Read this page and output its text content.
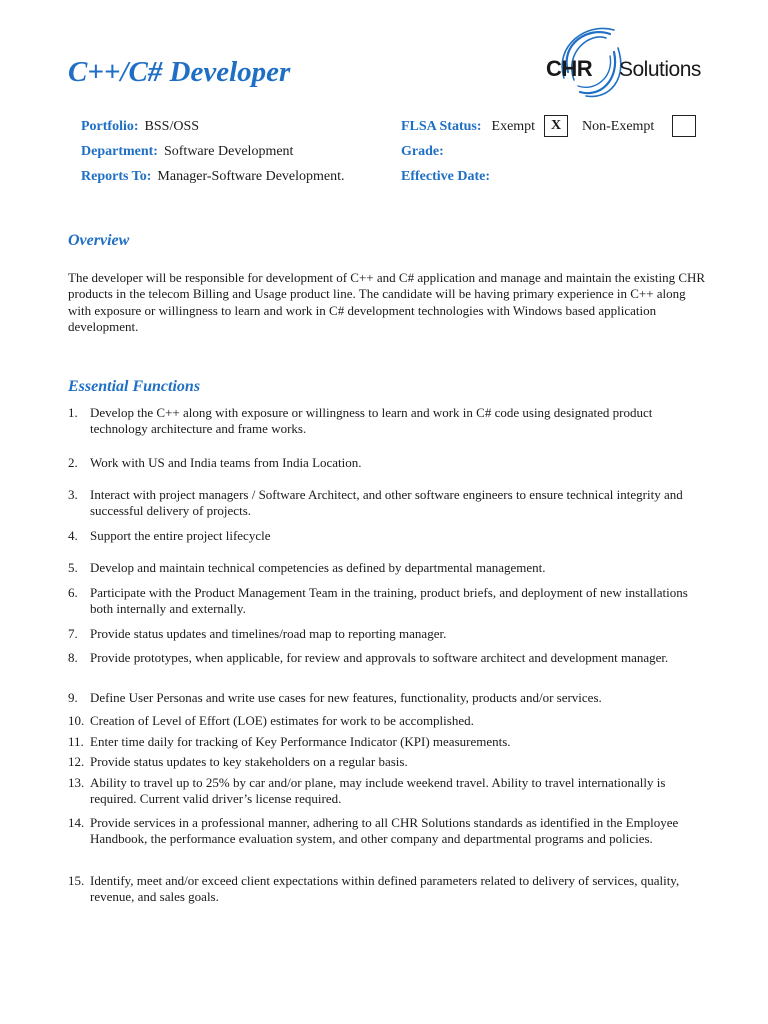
C++/C# Developer	CHR Solutions
Portfolio: BSS/OSS
Department: Software Development
Reports To: Manager-Software Development.
FLSA Status: Exempt	X	Non-Exempt
Grade:
Effective Date:
Overview

The developer will be responsible for development of C++ and C# application and manage and maintain the existing CHR products in the telecom Billing and Usage product line. The candidate will be having primary experience in C++ along with exposure or willingness to learn and work in C# development technologies with Windows based application development.

Essential Functions
1. Develop the C++ along with exposure or willingness to learn and work in C# code using designated product technology architecture and frame works.
2. Work with US and India teams from India Location.
3. Interact with project managers / Software Architect, and other software engineers to ensure technical integrity and successful delivery of projects.
4. Support the entire project lifecycle
5. Develop and maintain technical competencies as defined by departmental management.
6. Participate with the Product Management Team in the training, product briefs, and deployment of new installations both internally and externally.
7. Provide status updates and timelines/road map to reporting manager.
8. Provide prototypes, when applicable, for review and approvals to software architect and development manager.
9. Define User Personas and write use cases for new features, functionality, products and/or services.
10. Creation of Level of Effort (LOE) estimates for work to be accomplished.
11. Enter time daily for tracking of Key Performance Indicator (KPI) measurements.
12. Provide status updates to key stakeholders on a regular basis.
13. Ability to travel up to 25% by car and/or plane, may include weekend travel. Ability to travel internationally is required. Current valid driver’s license required.
14. Provide services in a professional manner, adhering to all CHR Solutions standards as identified in the Employee Handbook, the performance evaluation system, and other company and departmental programs and policies.
15. Identify, meet and/or exceed client expectations within defined parameters related to delivery of services, quality, revenue, and sales goals.
